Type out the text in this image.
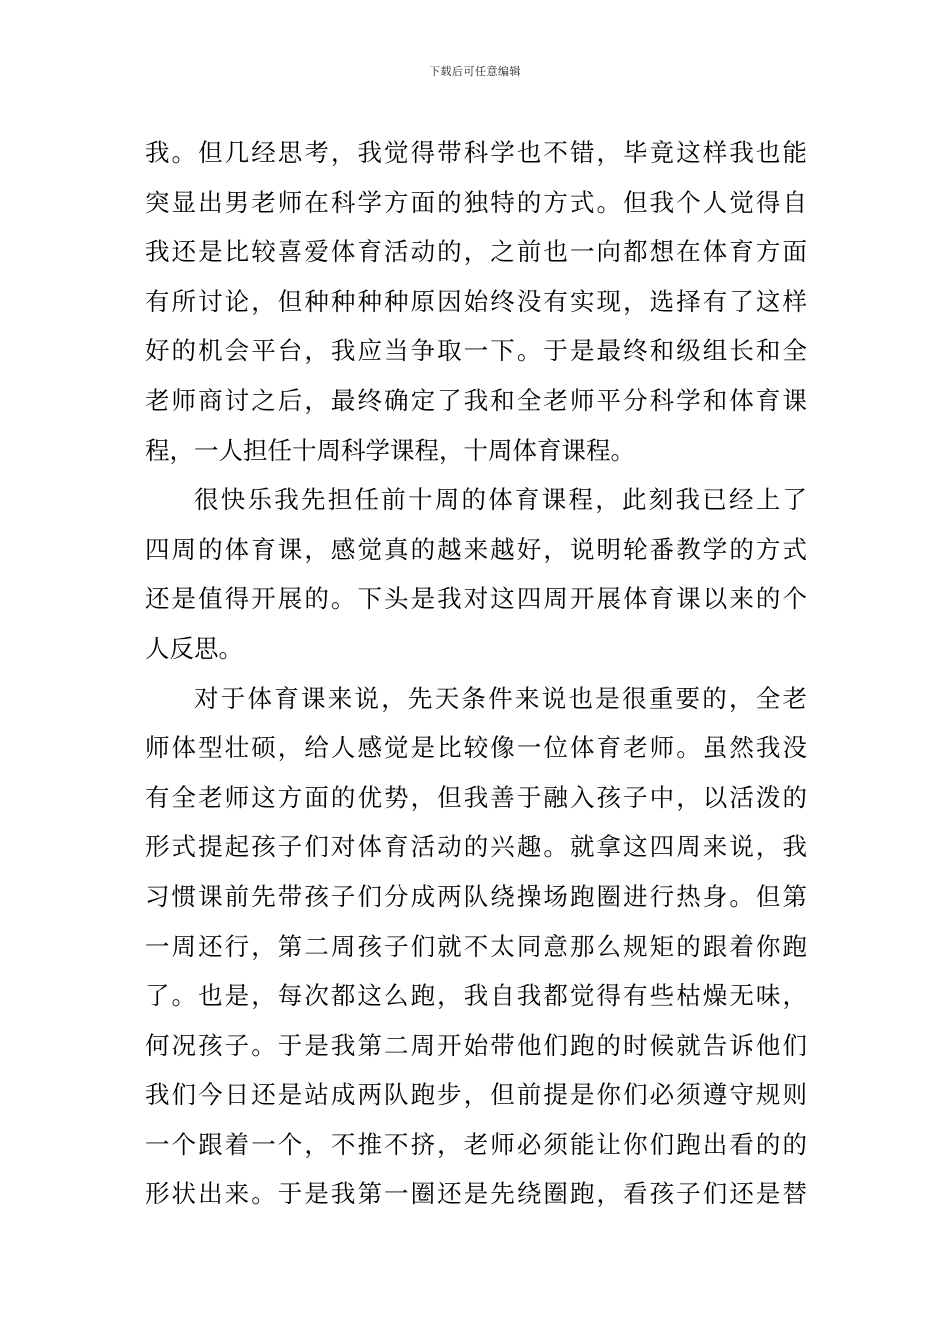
下载后可任意编辑
我。但几经思考，我觉得带科学也不错，毕竟这样我也能
突显出男老师在科学方面的独特的方式。但我个人觉得自
我还是比较喜爱体育活动的，之前也一向都想在体育方面
有所讨论，但种种种种原因始终没有实现，选择有了这样
好的机会平台，我应当争取一下。于是最终和级组长和全
老师商讨之后，最终确定了我和全老师平分科学和体育课
程，一人担任十周科学课程，十周体育课程。
很快乐我先担任前十周的体育课程，此刻我已经上了
四周的体育课，感觉真的越来越好，说明轮番教学的方式
还是值得开展的。下头是我对这四周开展体育课以来的个
人反思。
对于体育课来说，先天条件来说也是很重要的，全老
师体型壮硕，给人感觉是比较像一位体育老师。虽然我没
有全老师这方面的优势，但我善于融入孩子中，以活泼的
形式提起孩子们对体育活动的兴趣。就拿这四周来说，我
习惯课前先带孩子们分成两队绕操场跑圈进行热身。但第
一周还行，第二周孩子们就不太同意那么规矩的跟着你跑
了。也是，每次都这么跑，我自我都觉得有些枯燥无味，
何况孩子。于是我第二周开始带他们跑的时候就告诉他们
我们今日还是站成两队跑步，但前提是你们必须遵守规则
一个跟着一个，不推不挤，老师必须能让你们跑出看的的
形状出来。于是我第一圈还是先绕圈跑，看孩子们还是替
